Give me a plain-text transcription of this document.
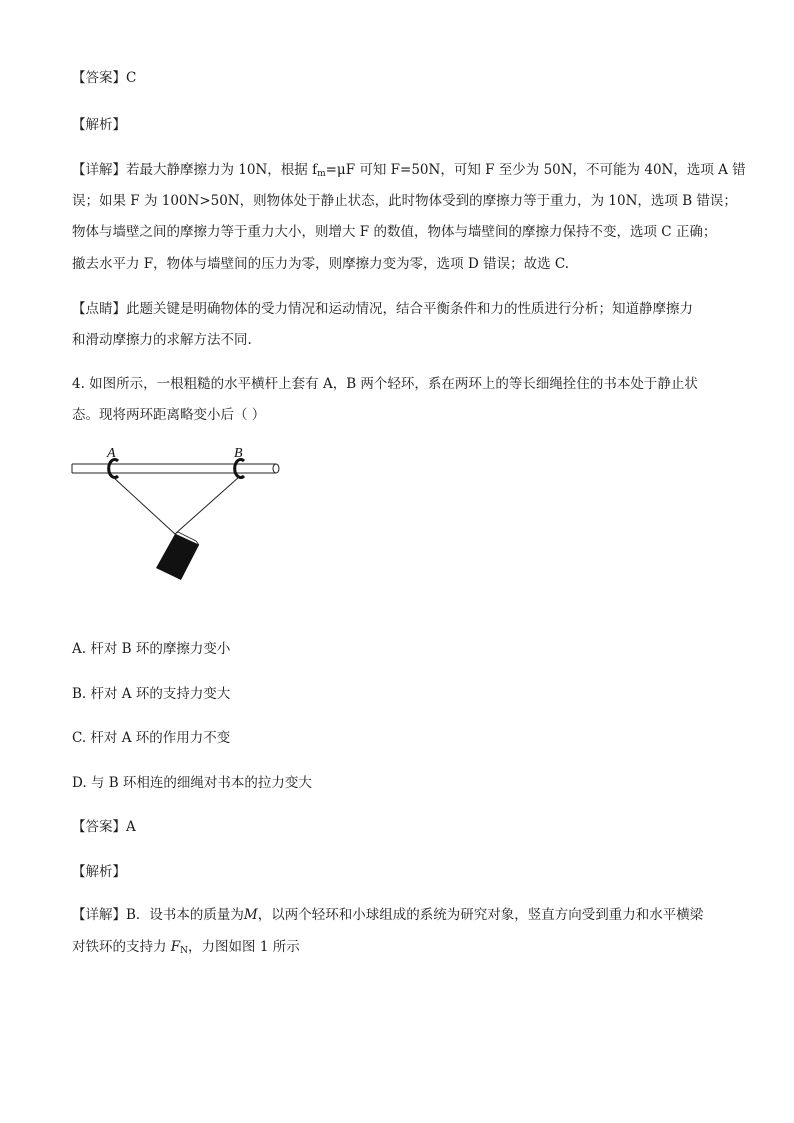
【答案】C
【解析】
【详解】若最大静摩擦力为 10N，根据 $f_m=\mu F$ 可知 F=50N，可知 F 至少为 50N，不可能为 40N，选项 A 错
误；如果 F 为 100N>50N，则物体处于静止状态，此时物体受到的摩擦力等于重力，为 10N，选项 B 错误；
物体与墙壁之间的摩擦力等于重力大小，则增大 F 的数值，物体与墙壁间的摩擦力保持不变，选项 C 正确；
撤去水平力 F，物体与墙壁间的压力为零，则摩擦力变为零，选项 D 错误；故选 C.
【点睛】此题关键是明确物体的受力情况和运动情况，结合平衡条件和力的性质进行分析；知道静摩擦力
和滑动摩擦力的求解方法不同.
4. 如图所示，一根粗糙的水平横杆上套有 A，B 两个轻环，系在两环上的等长细绳拴住的书本处于静止状
态。现将两环距离略变小后（ ）
A	B
A. 杆对 B 环的摩擦力变小
B. 杆对 A 环的支持力变大
C. 杆对 A 环的作用力不变
D. 与 B 环相连的细绳对书本的拉力变大
【答案】A
【解析】
【详解】B．设书本的质量为M，以两个轻环和小球组成的系统为研究对象，竖直方向受到重力和水平横梁
对铁环的支持力 $F_N$，力图如图 1 所示
